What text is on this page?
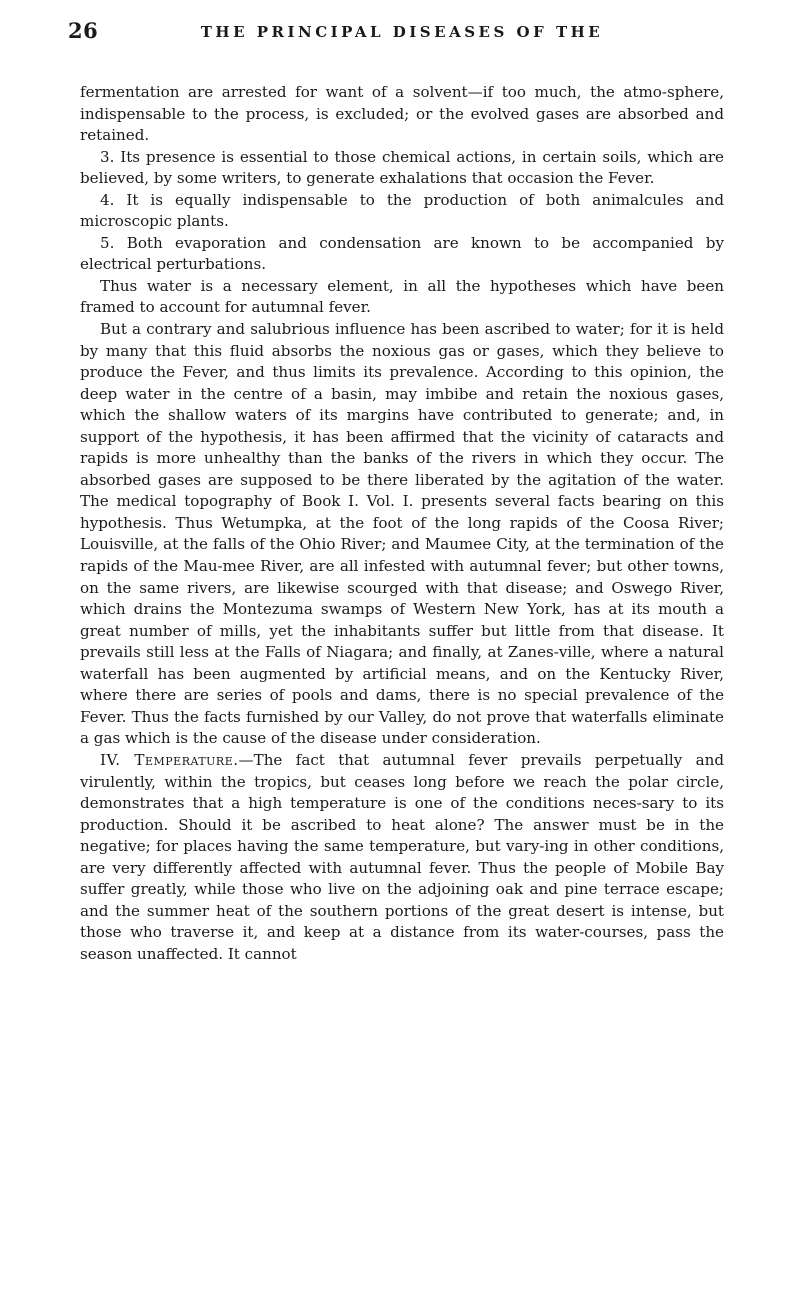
26	THE PRINCIPAL DISEASES OF THE

fermentation are arrested for want of a solvent—if too much, the atmo-sphere, indispensable to the process, is excluded; or the evolved gases are absorbed and retained.

3. Its presence is essential to those chemical actions, in certain soils, which are believed, by some writers, to generate exhalations that occasion the Fever.

4. It is equally indispensable to the production of both animalcules and microscopic plants.

5. Both evaporation and condensation are known to be accompanied by electrical perturbations.

Thus water is a necessary element, in all the hypotheses which have been framed to account for autumnal fever.

But a contrary and salubrious influence has been ascribed to water; for it is held by many that this fluid absorbs the noxious gas or gases, which they believe to produce the Fever, and thus limits its prevalence. According to this opinion, the deep water in the centre of a basin, may imbibe and retain the noxious gases, which the shallow waters of its margins have contributed to generate; and, in support of the hypothesis, it has been affirmed that the vicinity of cataracts and rapids is more unhealthy than the banks of the rivers in which they occur. The absorbed gases are supposed to be there liberated by the agitation of the water. The medical topography of Book I. Vol. I. presents several facts bearing on this hypothesis. Thus Wetumpka, at the foot of the long rapids of the Coosa River; Louisville, at the falls of the Ohio River; and Maumee City, at the termination of the rapids of the Mau-mee River, are all infested with autumnal fever; but other towns, on the same rivers, are likewise scourged with that disease; and Oswego River, which drains the Montezuma swamps of Western New York, has at its mouth a great number of mills, yet the inhabitants suffer but little from that disease. It prevails still less at the Falls of Niagara; and finally, at Zanes-ville, where a natural waterfall has been augmented by artificial means, and on the Kentucky River, where there are series of pools and dams, there is no special prevalence of the Fever. Thus the facts furnished by our Valley, do not prove that waterfalls eliminate a gas which is the cause of the disease under consideration.

IV. Temperature.—The fact that autumnal fever prevails perpetually and virulently, within the tropics, but ceases long before we reach the polar circle, demonstrates that a high temperature is one of the conditions neces-sary to its production. Should it be ascribed to heat alone? The answer must be in the negative; for places having the same temperature, but vary-ing in other conditions, are very differently affected with autumnal fever. Thus the people of Mobile Bay suffer greatly, while those who live on the adjoining oak and pine terrace escape; and the summer heat of the southern portions of the great desert is intense, but those who traverse it, and keep at a distance from its water-courses, pass the season unaffected. It cannot
